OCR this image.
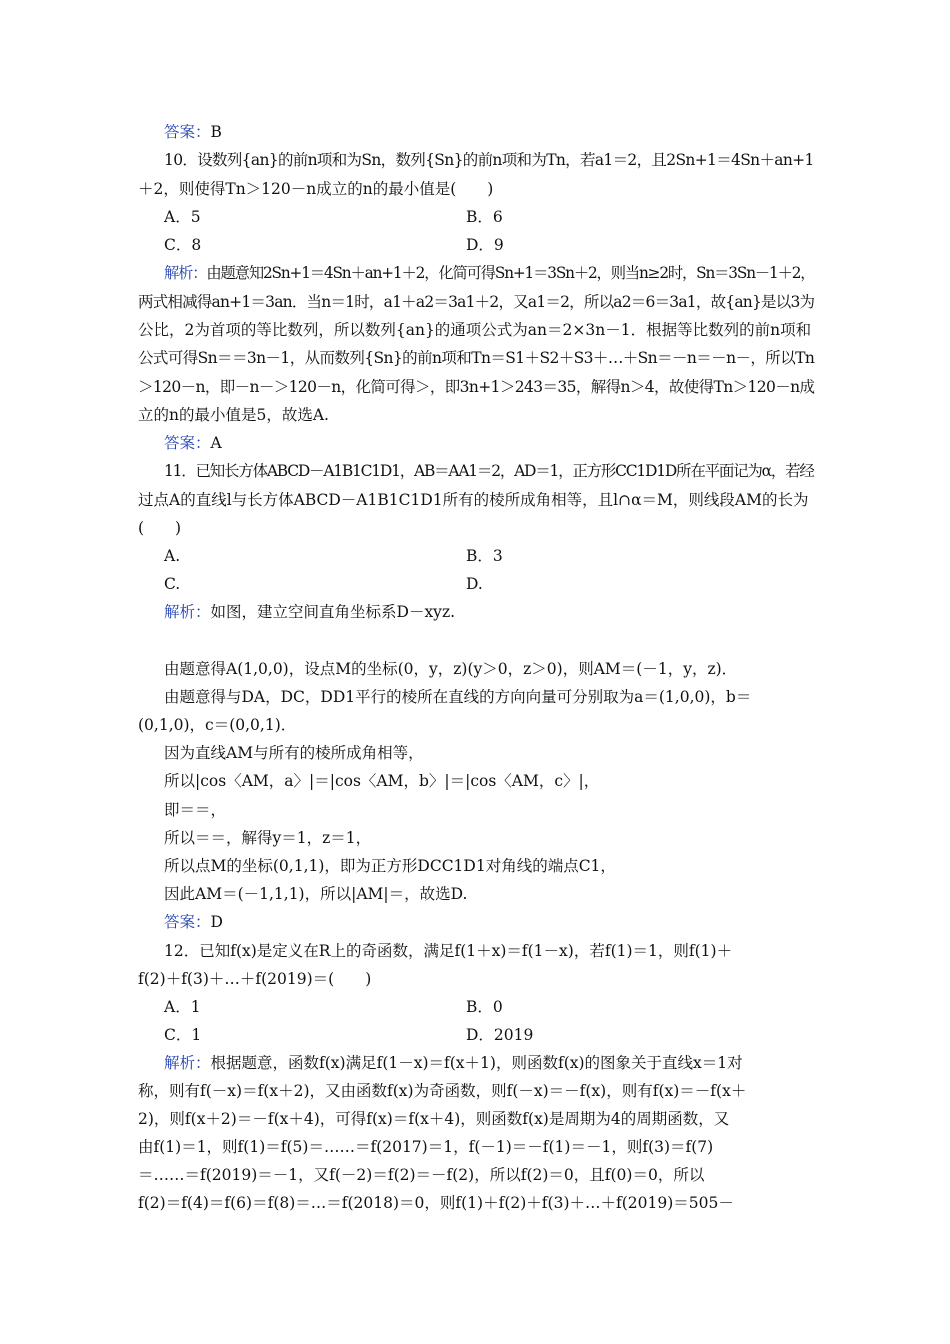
答案：B
10．设数列{an}的前n项和为Sn，数列{Sn}的前n项和为Tn，若a1＝2，且2Sn+1＝4Sn＋an+1
＋2，则使得Tn＞120－n成立的n的最小值是(　　)
A．5	B．6
C．8	D．9
解析：由题意知2Sn+1＝4Sn＋an+1＋2，化简可得Sn+1＝3Sn＋2，则当n≥2时，Sn＝3Sn－1＋2，
两式相减得an+1＝3an．当n＝1时，a1＋a2＝3a1＋2，又a1＝2，所以a2＝6＝3a1，故{an}是以3为
公比，2为首项的等比数列，所以数列{an}的通项公式为an＝2×3n－1．根据等比数列的前n项和
公式可得Sn＝＝3n－1，从而数列{Sn}的前n项和Tn＝S1＋S2＋S3＋…＋Sn＝－n＝－n－，所以Tn
＞120－n，即－n－＞120－n，化简可得＞，即3n+1＞243＝35，解得n＞4，故使得Tn＞120－n成
立的n的最小值是5，故选A.
答案：A
11．已知长方体ABCD－A1B1C1D1，AB＝AA1＝2，AD＝1，正方形CC1D1D所在平面记为α，若经
过点A的直线l与长方体ABCD－A1B1C1D1所有的棱所成角相等，且l∩α＝M，则线段AM的长为
(　　)
A.	B．3
C.	D.
解析：如图，建立空间直角坐标系D－xyz.
由题意得A(1,0,0)，设点M的坐标(0，y，z)(y＞0，z＞0)，则AM＝(－1，y，z)．
由题意得与DA，DC，DD1平行的棱所在直线的方向向量可分别取为a＝(1,0,0)，b＝
(0,1,0)，c＝(0,0,1)．
因为直线AM与所有的棱所成角相等，
所以|cos〈AM，a〉|＝|cos〈AM，b〉|＝|cos〈AM，c〉|，
即＝＝，
所以＝＝，解得y＝1，z＝1，
所以点M的坐标(0,1,1)，即为正方形DCC1D1对角线的端点C1，
因此AM＝(－1,1,1)，所以|AM|＝，故选D.
答案：D
12．已知f(x)是定义在R上的奇函数，满足f(1＋x)＝f(1－x)，若f(1)＝1，则f(1)＋
f(2)＋f(3)＋…＋f(2019)＝(　　)
A．1	B．0
C．1	D．2019
解析：根据题意，函数f(x)满足f(1－x)＝f(x＋1)，则函数f(x)的图象关于直线x＝1对
称，则有f(－x)＝f(x＋2)，又由函数f(x)为奇函数，则f(－x)＝－f(x)，则有f(x)＝－f(x＋
2)，则f(x＋2)＝－f(x＋4)，可得f(x)＝f(x＋4)，则函数f(x)是周期为4的周期函数，又
由f(1)＝1，则f(1)＝f(5)＝……＝f(2017)＝1，f(－1)＝－f(1)＝－1，则f(3)＝f(7)
＝……＝f(2019)＝－1，又f(－2)＝f(2)＝－f(2)，所以f(2)＝0，且f(0)＝0，所以
f(2)＝f(4)＝f(6)＝f(8)＝…＝f(2018)＝0，则f(1)＋f(2)＋f(3)＋…＋f(2019)＝505－
